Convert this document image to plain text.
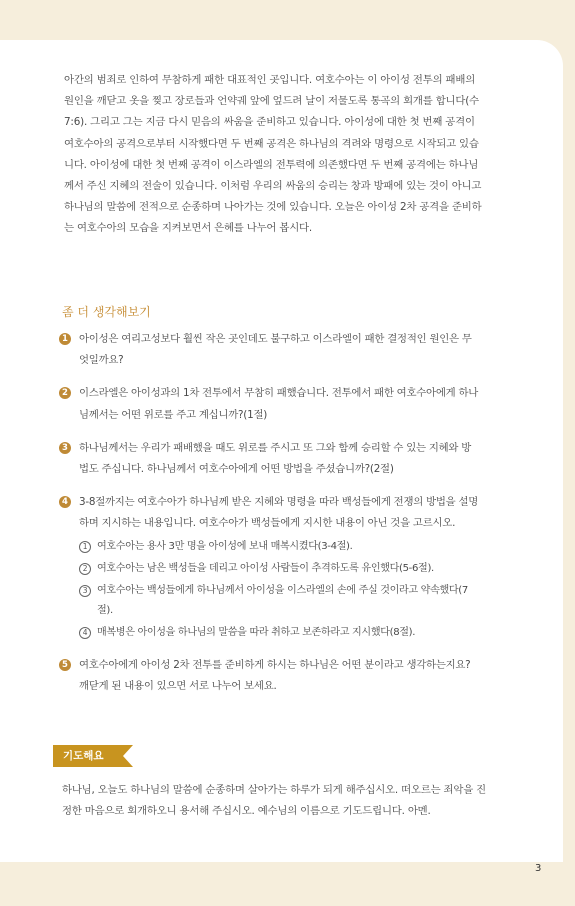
아간의 범죄로 인하여 무참하게 패한 대표적인 곳입니다. 여호수아는 이 아이성 전투의 패배의 원인을 깨닫고 옷을 찢고 장로들과 언약궤 앞에 엎드려 날이 저물도록 통곡의 회개를 합니다(수7:6). 그리고 그는 지금 다시 믿음의 싸움을 준비하고 있습니다. 아이성에 대한 첫 번째 공격이 여호수아의 공격으로부터 시작했다면 두 번째 공격은 하나님의 격려와 명령으로 시작되고 있습니다. 아이성에 대한 첫 번째 공격이 이스라엘의 전투력에 의존했다면 두 번째 공격에는 하나님께서 주신 지혜의 전술이 있습니다. 이처럼 우리의 싸움의 승리는 창과 방패에 있는 것이 아니고 하나님의 말씀에 전적으로 순종하며 나아가는 것에 있습니다. 오늘은 아이성 2차 공격을 준비하는 여호수아의 모습을 지켜보면서 은혜를 나누어 봅시다.

좀 더 생각해보기
1 아이성은 여리고성보다 훨씬 작은 곳인데도 불구하고 이스라엘이 패한 결정적인 원인은 무엇일까요?

2 이스라엘은 아이성과의 1차 전투에서 무참히 패했습니다. 전투에서 패한 여호수아에게 하나님께서는 어떤 위로를 주고 계십니까?(1절)

3 하나님께서는 우리가 패배했을 때도 위로를 주시고 또 그와 함께 승리할 수 있는 지혜와 방법도 주십니다. 하나님께서 여호수아에게 어떤 방법을 주셨습니까?(2절)

4 3-8절까지는 여호수아가 하나님께 받은 지혜와 명령을 따라 백성들에게 전쟁의 방법을 설명하며 지시하는 내용입니다. 여호수아가 백성들에게 지시한 내용이 아닌 것을 고르시오.

1 여호수아는 용사 3만 명을 아이성에 보내 매복시켰다(3-4절).
2 여호수아는 남은 백성들을 데리고 아이성 사람들이 추격하도록 유인했다(5-6절).
3 여호수아는 백성들에게 하나님께서 아이성을 이스라엘의 손에 주실 것이라고 약속했다(7절).
4 매복병은 아이성을 하나님의 말씀을 따라 취하고 보존하라고 지시했다(8절).
5 여호수아에게 아이성 2차 전투를 준비하게 하시는 하나님은 어떤 분이라고 생각하는지요? 깨닫게 된 내용이 있으면 서로 나누어 보세요.

기도해요

하나님, 오늘도 하나님의 말씀에 순종하며 살아가는 하루가 되게 해주십시오. 떠오르는 죄악을 진정한 마음으로 회개하오니 용서해 주십시오. 예수님의 이름으로 기도드립니다. 아멘.

3
